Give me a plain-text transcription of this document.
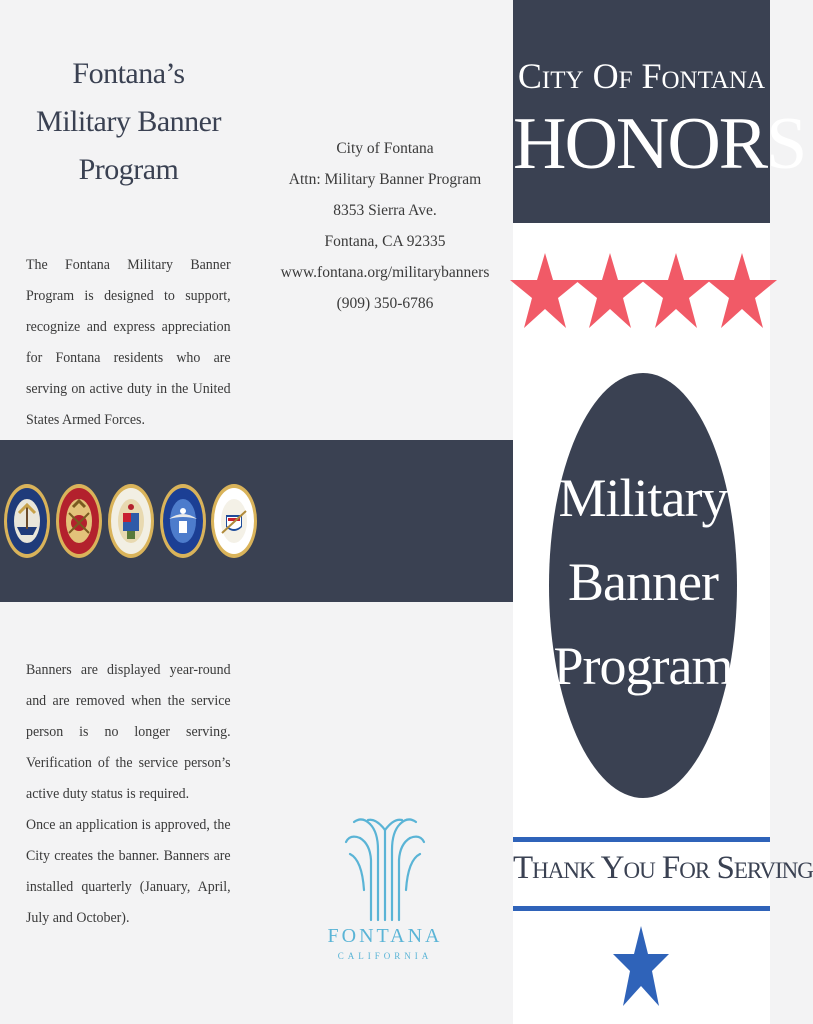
Fontana’s
Military Banner
Program
The Fontana Military Banner Program is designed to support, recognize and express appreciation for Fontana residents who are serving on active duty in the United States Armed Forces.
Banners are displayed year-round and are removed when the service person is no longer serving. Verification of the service person’s active duty status is required.
Once an application is approved, the City creates the banner. Banners are installed quarterly (January, April, July and October).
City of Fontana
Attn: Military Banner Program
8353 Sierra Ave.
Fontana, CA 92335
www.fontana.org/militarybanners
(909) 350-6786
FONTANA
CALIFORNIA
City Of Fontana
HONORS
Military
Banner
Program
Thank You For Serving
